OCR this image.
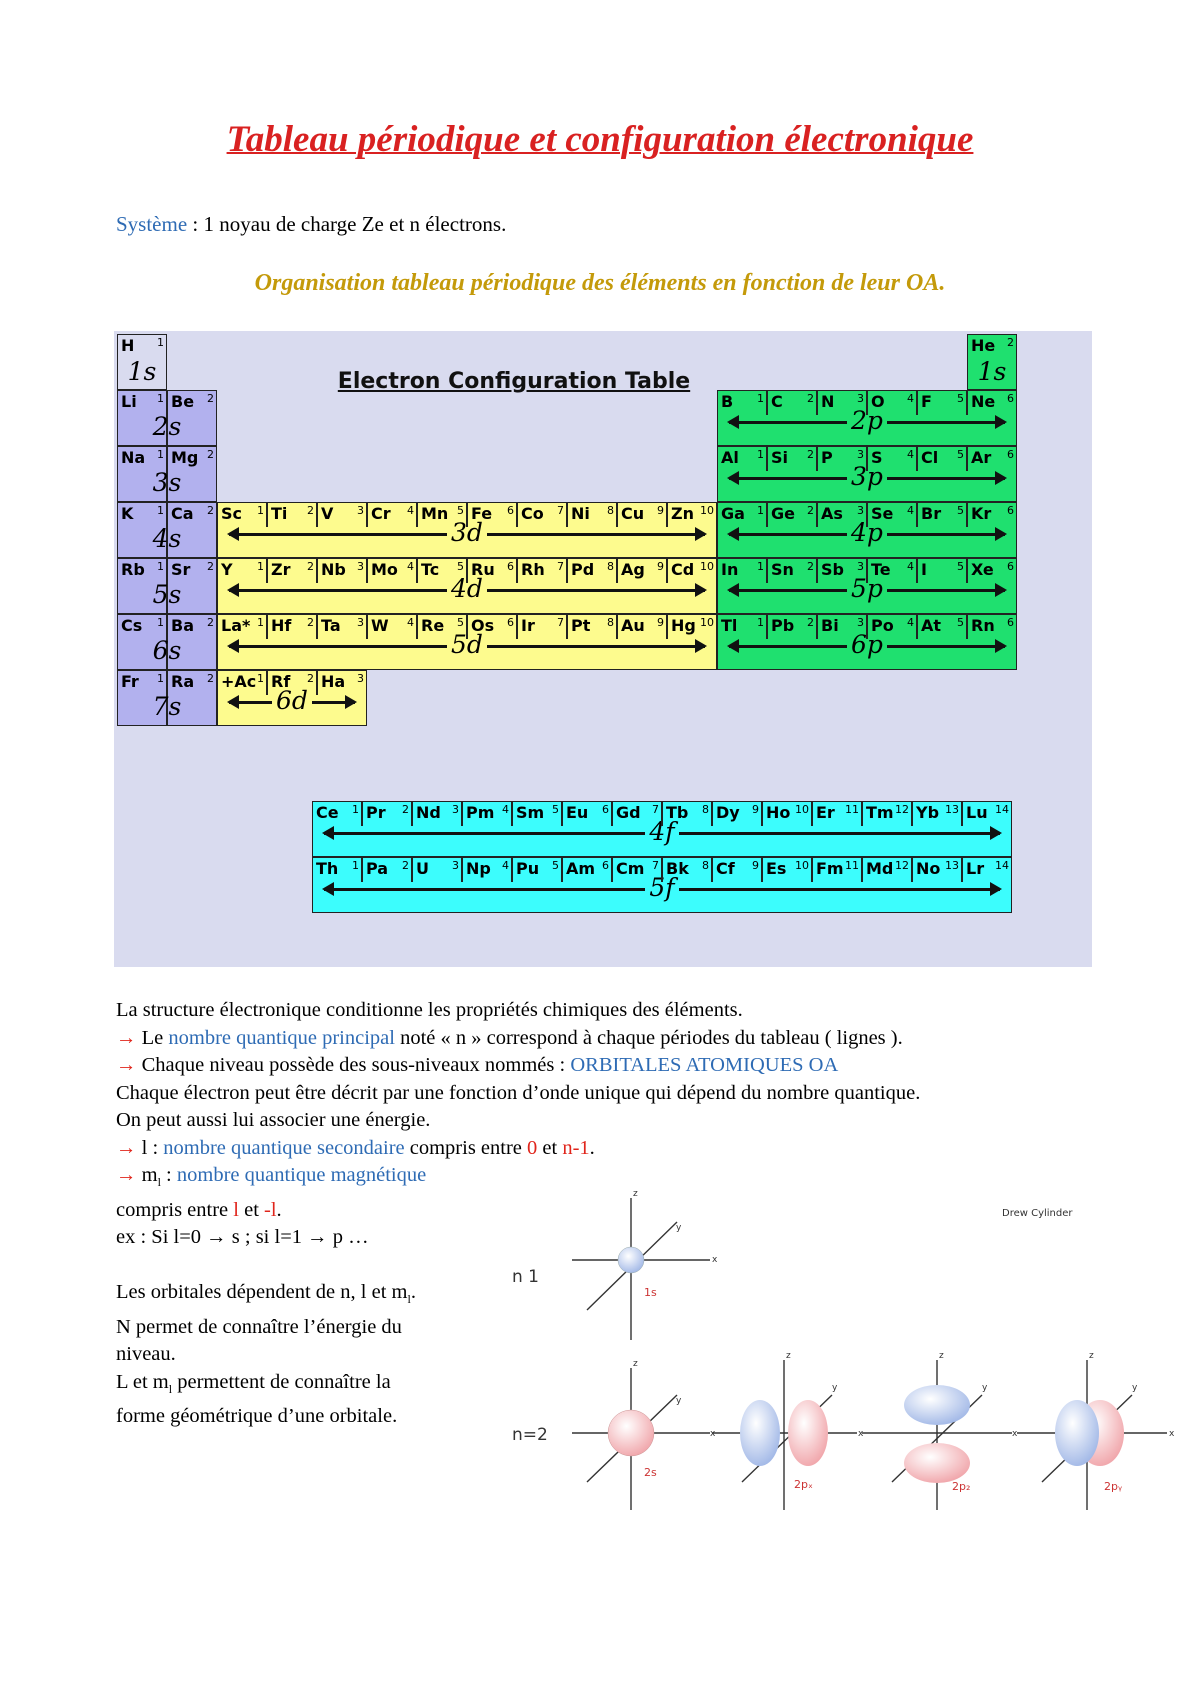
Tableau périodique et configuration électronique
Système : 1 noyau de charge Ze et n électrons.
Organisation tableau périodique des éléments en fonction de leur OA.
Electron Configuration Table
H 1
1s
He 2
1s
Li 1 Be 2
2s
Na 1 Mg 2
3s
K 1 Ca 2
4s
Rb 1 Sr 2
5s
Cs 1 Ba 2
6s
Fr 1 Ra 2
7s
2p
B 1 C 2 N 3 O 4 F 5 Ne 6
3p
Al 1 Si 2 P 3 S 4 Cl 5 Ar 6
4p
Ga 1 Ge 2 As 3 Se 4 Br 5 Kr 6
5p
In 1 Sn 2 Sb 3 Te 4 I	5 Xe 6
6p
Tl 1 Pb 2 Bi 3 Po 4 At 5 Rn 6
3d
Sc 1 Ti 2 V 3 Cr 4 Mn 5 Fe 6 Co 7 Ni 8 Cu 9 Zn 10
4d
Y 1 Zr 2 Nb 3 Mo 4 Tc 5 Ru 6 Rh 7 Pd 8 Ag 9 Cd 10
5d
La* 1 Hf 2 Ta 3 W 4 Re 5 Os 6 Ir 7 Pt 8 Au 9 Hg 10
6d
+Ac 1 Rf 2 Ha 3
4f
Ce 1 Pr 2 Nd 3 Pm 4 Sm 5 Eu 6 Gd 7 Tb 8 Dy 9 Ho 10 Er 11 Tm 12 Yb 13 Lu 14
5f
Th 1 Pa 2 U 3 Np 4 Pu 5 Am 6 Cm 7 Bk 8 Cf 9 Es 10 Fm 11 Md 12 No 13 Lr 14

La structure électronique conditionne les propriétés chimiques des éléments.

→ Le nombre quantique principal noté « n » correspond à chaque périodes du tableau ( lignes ).

→ Chaque niveau possède des sous-niveaux nommés : ORBITALES ATOMIQUES OA

Chaque électron peut être décrit par une fonction d’onde unique qui dépend du nombre quantique.

On peut aussi lui associer une énergie.

→ l : nombre quantique secondaire compris entre 0 et n-1.

→ $m_l$ : nombre quantique magnétique

compris entre l et -l.

ex : Si l=0 → s ; si l=1 → p …

Les orbitales dépendent de n, l et $m_l$.

N permet de connaître l’énergie du

niveau.

L et $m_l$ permettent de connaître la

forme géométrique d’une orbitale.

z
x
y
z
y
x
z
y
x
z
y
x
z
y
x
Drew Cylinder
n 1
n=2
1s
2s
2pₓ	2p₂	2pᵧ
